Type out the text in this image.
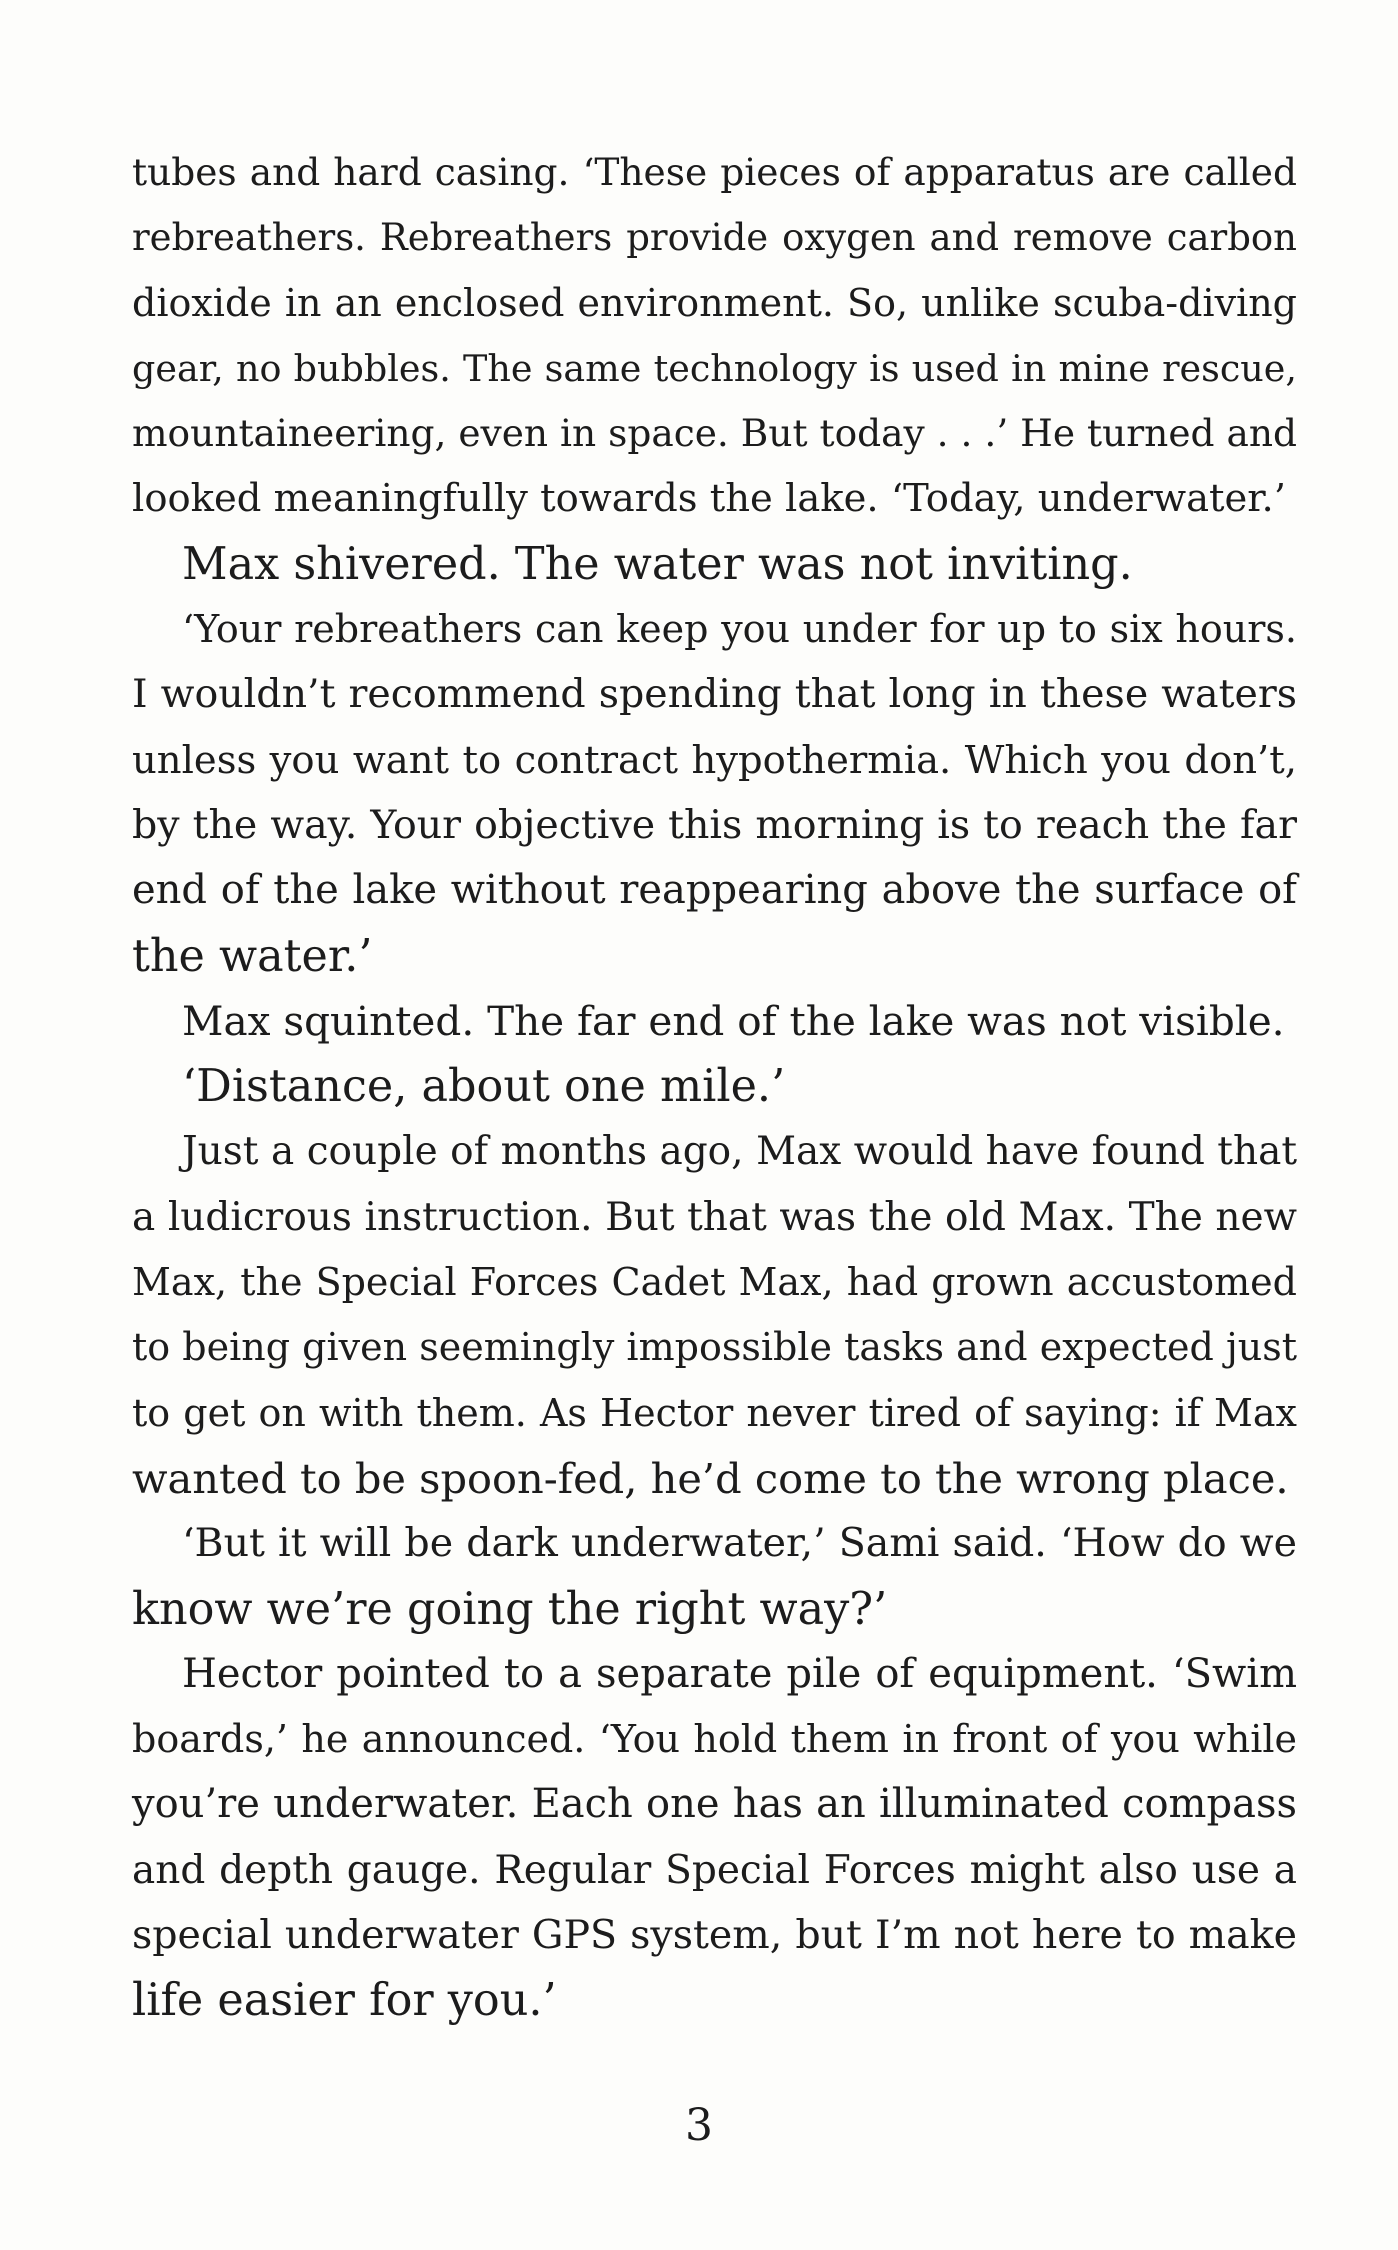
tubes and hard casing. ‘These pieces of apparatus are called
rebreathers. Rebreathers provide oxygen and remove carbon
dioxide in an enclosed environment. So, unlike scuba-diving
gear, no bubbles. The same technology is used in mine rescue,
mountaineering, even in space. But today . . .’ He turned and
looked meaningfully towards the lake. ‘Today, underwater.’
Max shivered. The water was not inviting.
‘Your rebreathers can keep you under for up to six hours.
I wouldn’t recommend spending that long in these waters
unless you want to contract hypothermia. Which you don’t,
by the way. Your objective this morning is to reach the far
end of the lake without reappearing above the surface of
the water.’
Max squinted. The far end of the lake was not visible.
‘Distance, about one mile.’
Just a couple of months ago, Max would have found that
a ludicrous instruction. But that was the old Max. The new
Max, the Special Forces Cadet Max, had grown accustomed
to being given seemingly impossible tasks and expected just
to get on with them. As Hector never tired of saying: if Max
wanted to be spoon-fed, he’d come to the wrong place.
‘But it will be dark underwater,’ Sami said. ‘How do we
know we’re going the right way?’
Hector pointed to a separate pile of equipment. ‘Swim
boards,’ he announced. ‘You hold them in front of you while
you’re underwater. Each one has an illuminated compass
and depth gauge. Regular Special Forces might also use a
special underwater GPS system, but I’m not here to make
life easier for you.’
3
